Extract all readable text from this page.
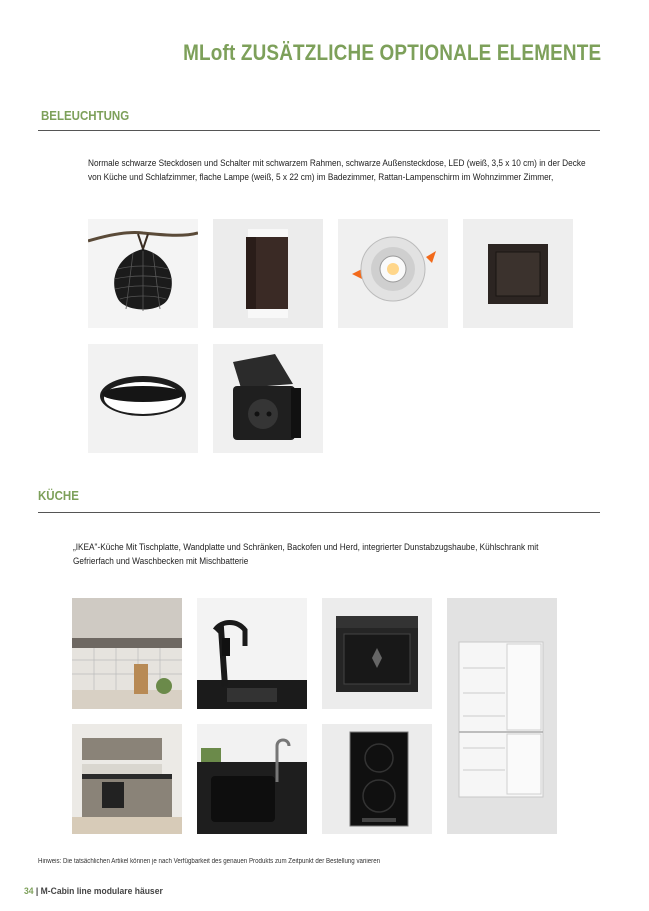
MLoft ZUSÄTZLICHE OPTIONALE ELEMENTE
BELEUCHTUNG
Normale schwarze Steckdosen und Schalter mit schwarzem Rahmen, schwarze Außensteckdose, LED (weiß, 3,5 x 10 cm) in der Decke von Küche und Schlafzimmer, flache Lampe (weiß, 5 x 22 cm) im Badezimmer, Rattan-Lampenschirm im Wohnzimmer Zimmer,
KÜCHE
„IKEA"-Küche Mit Tischplatte, Wandplatte und Schränken, Backofen und Herd, integrierter Dunstabzugshaube, Kühlschrank mit Gefrierfach und Waschbecken mit Mischbatterie
Hinweis: Die tatsächlichen Artikel können je nach Verfügbarkeit des genauen Produkts zum Zeitpunkt der Bestellung variieren
34 | M-Cabin line modulare häuser
